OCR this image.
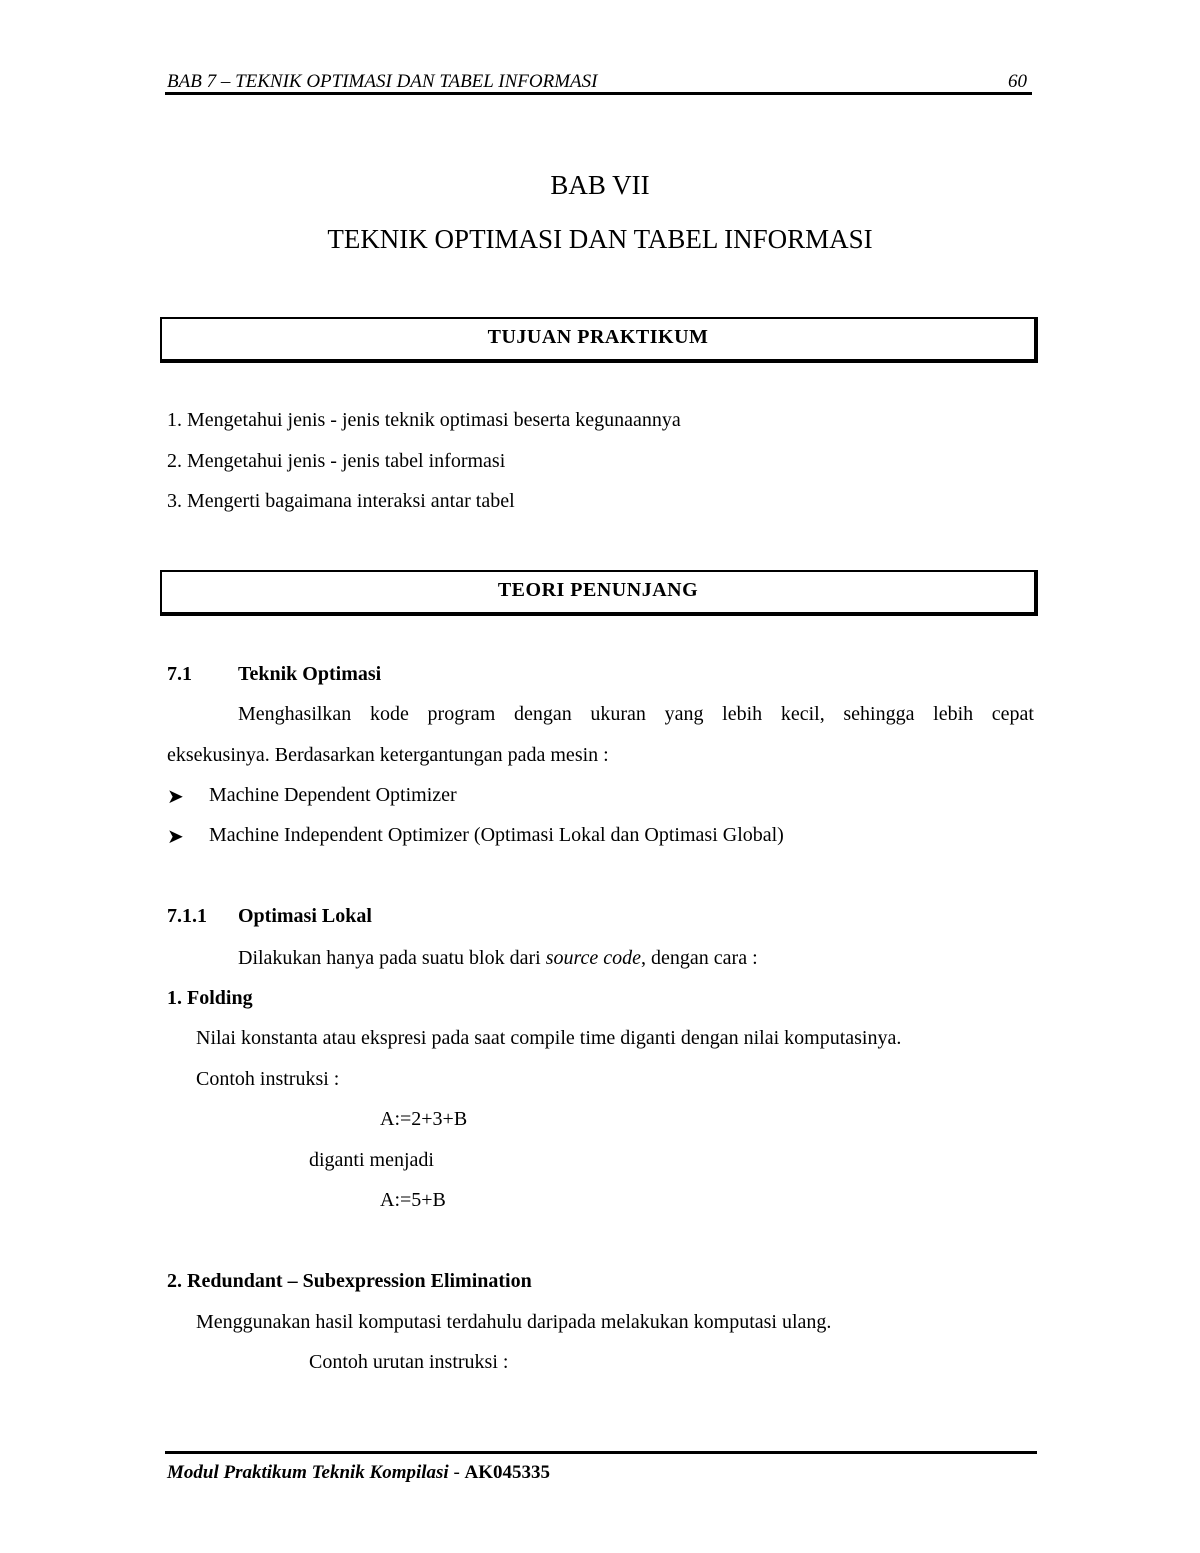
BAB 7 – TEKNIK OPTIMASI DAN TABEL INFORMASI	60
BAB VII
TEKNIK OPTIMASI DAN TABEL INFORMASI
TUJUAN PRAKTIKUM
1. Mengetahui jenis - jenis teknik optimasi beserta kegunaannya
2. Mengetahui jenis - jenis tabel informasi
3. Mengerti bagaimana interaksi antar tabel
TEORI PENUNJANG
7.1 Teknik Optimasi
Menghasilkan kode program dengan ukuran yang lebih kecil, sehingga lebih cepat
eksekusinya. Berdasarkan ketergantungan pada mesin :
➤ Machine Dependent Optimizer
➤ Machine Independent Optimizer (Optimasi Lokal dan Optimasi Global)
7.1.1 Optimasi Lokal
Dilakukan hanya pada suatu blok dari source code, dengan cara :
1. Folding
Nilai konstanta atau ekspresi pada saat compile time diganti dengan nilai komputasinya.
Contoh instruksi :
A:=2+3+B
diganti menjadi
A:=5+B
2. Redundant – Subexpression Elimination
Menggunakan hasil komputasi terdahulu daripada melakukan komputasi ulang.
Contoh urutan instruksi :
Modul Praktikum Teknik Kompilasi - AK045335
